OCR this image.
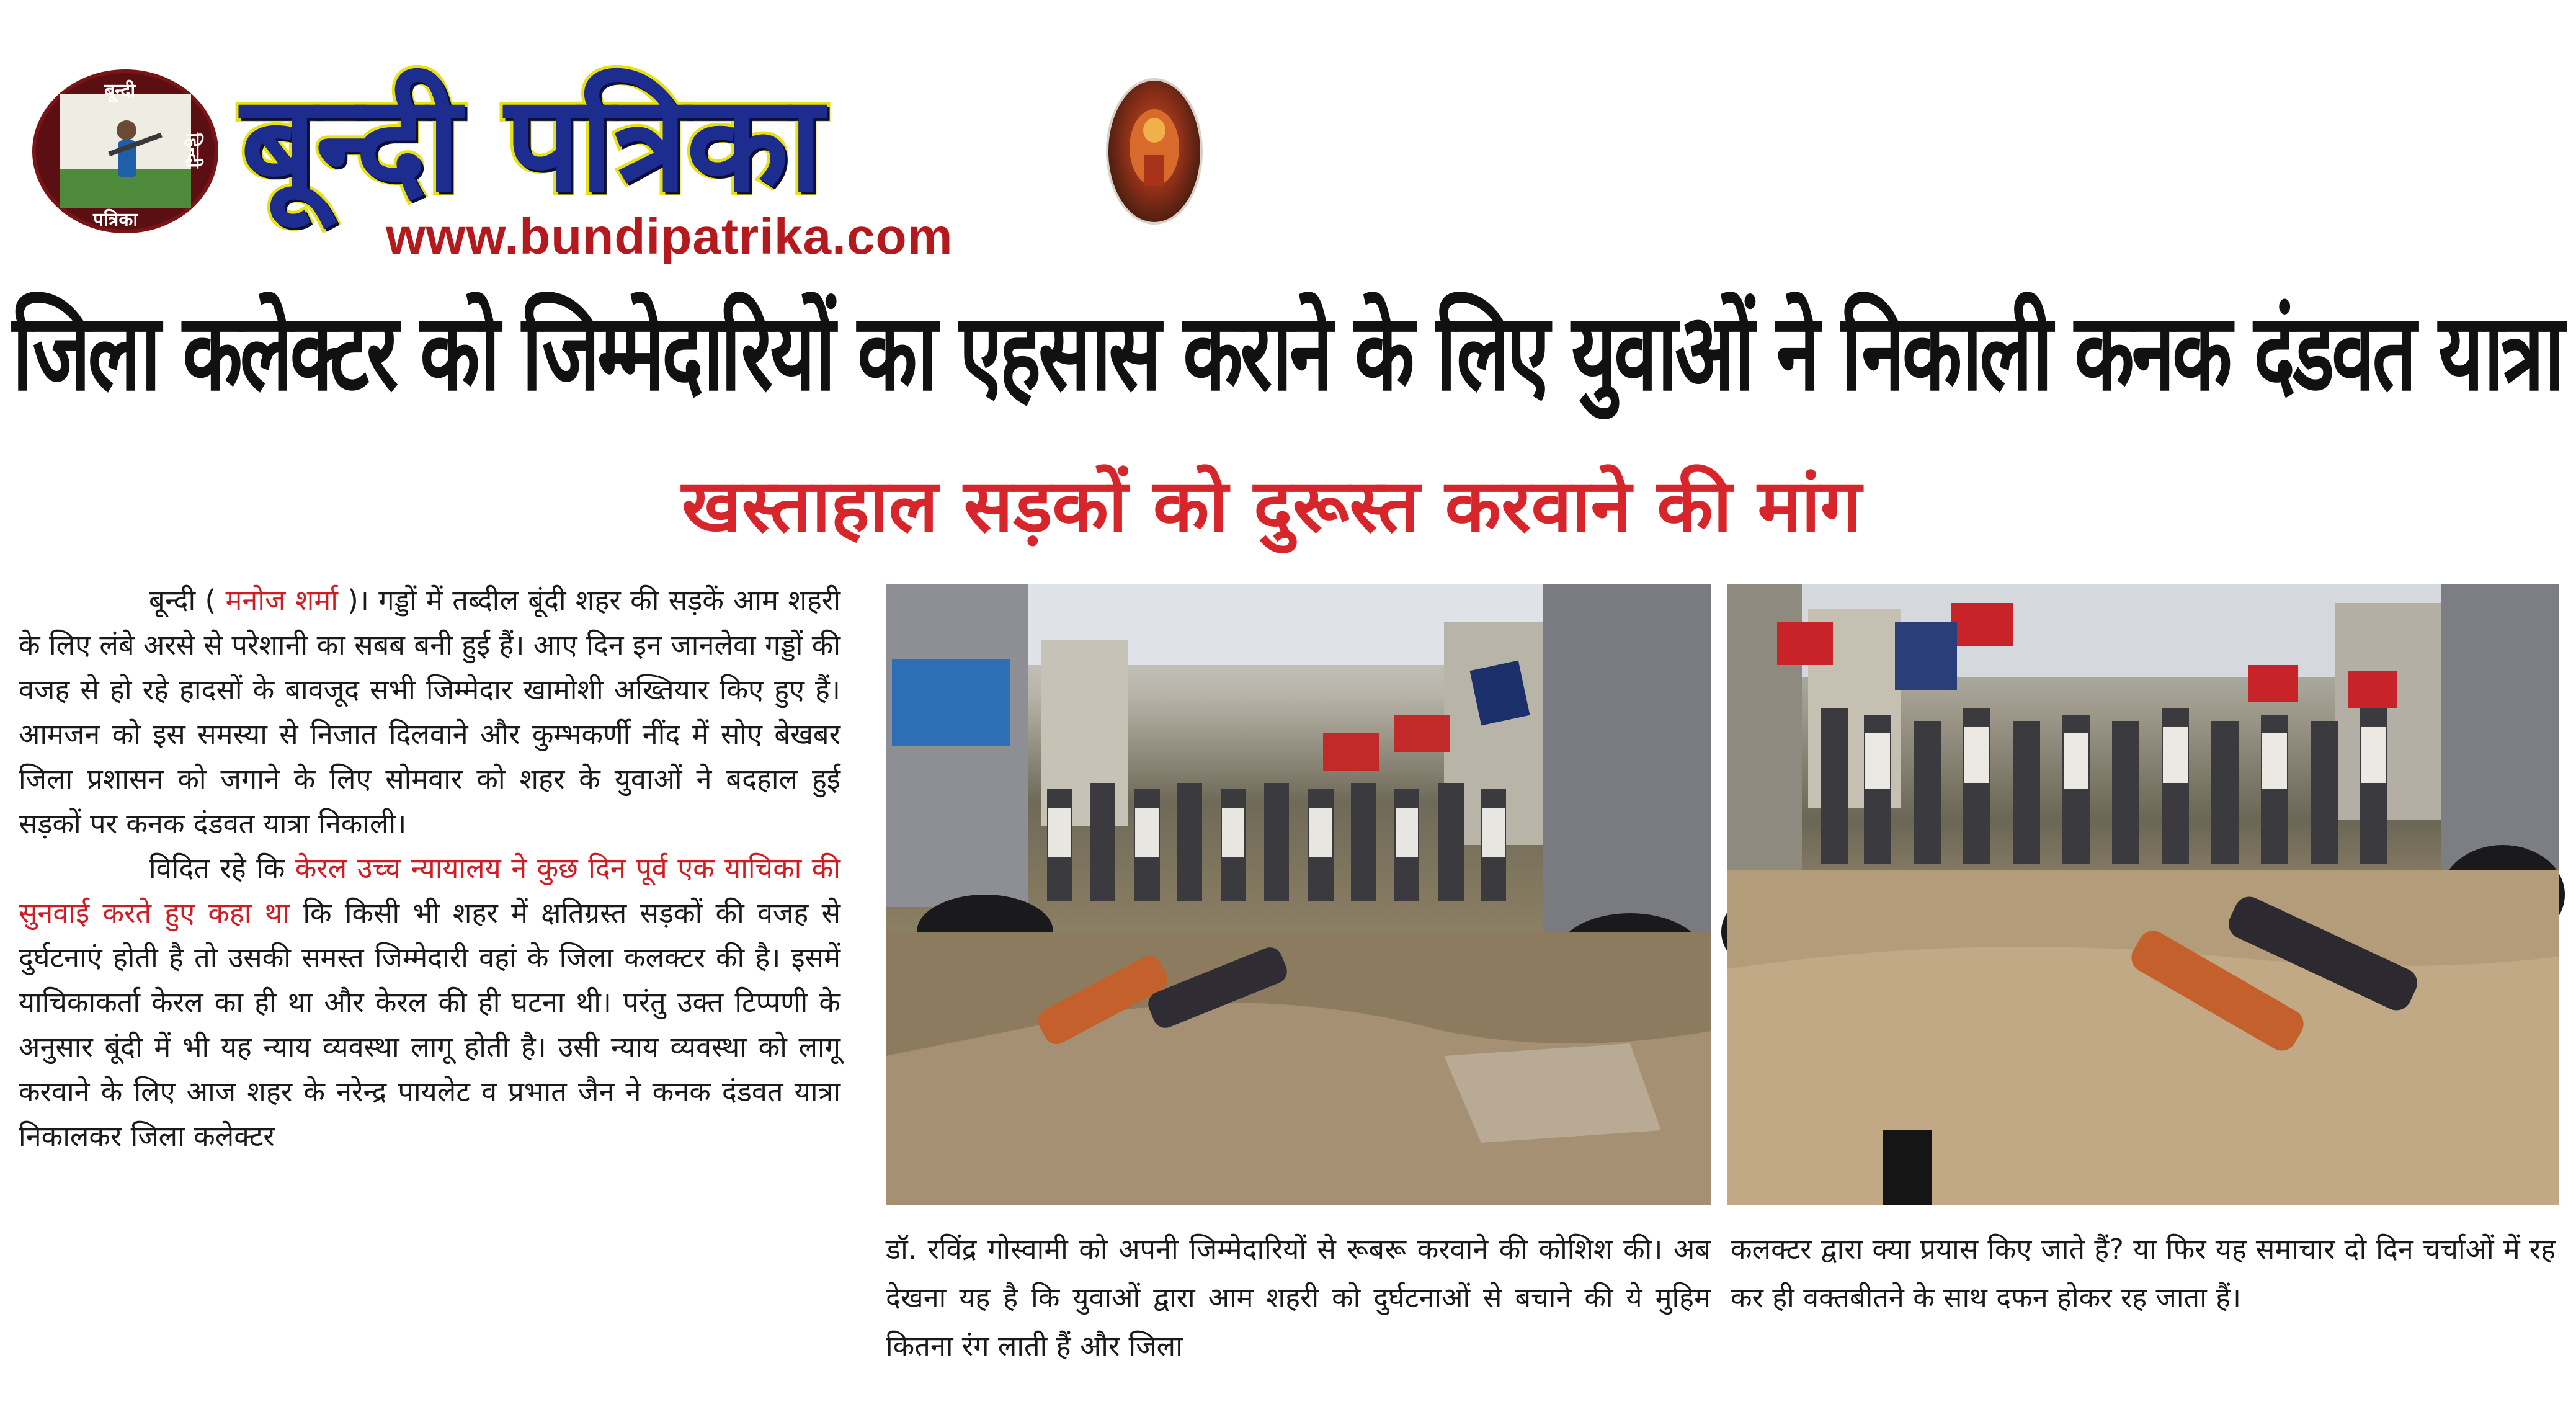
बून्दी
हिन्दी
पत्रिका बून्दी पत्रिका
www.bundipatrika.com
जिला कलेक्टर को जिम्मेदारियों का एहसास कराने के लिए युवाओं ने निकाली कनक दंडवत यात्रा
खस्ताहाल सड़कों को दुरूस्त करवाने की मांग

बून्दी ( मनोज शर्मा )। गड्डों में तब्दील बूंदी शहर की सड़कें आम शहरी के लिए लंबे अरसे से परेशानी का सबब बनी हुई हैं। आए दिन इन जानलेवा गड्डों की वजह से हो रहे हादसों के बावजूद सभी जिम्मेदार खामोशी अख्तियार किए हुए हैं। आमजन को इस समस्या से निजात दिलवाने और कुम्भकर्णी नींद में सोए बेखबर जिला प्रशासन को जगाने के लिए सोमवार को शहर के युवाओं ने बदहाल हुई सड़कों पर कनक दंडवत यात्रा निकाली।

विदित रहे कि केरल उच्च न्यायालय ने कुछ दिन पूर्व एक याचिका की सुनवाई करते हुए कहा था कि किसी भी शहर में क्षतिग्रस्त सड़कों की वजह से दुर्घटनाएं होती है तो उसकी समस्त जिम्मेदारी वहां के जिला कलक्टर की है। इसमें याचिकाकर्ता केरल का ही था और केरल की ही घटना थी। परंतु उक्त टिप्पणी के अनुसार बूंदी में भी यह न्याय व्यवस्था लागू होती है। उसी न्याय व्यवस्था को लागू करवाने के लिए आज शहर के नरेन्द्र पायलेट व प्रभात जैन ने कनक दंडवत यात्रा निकालकर जिला कलेक्टर

डॉ. रविंद्र गोस्वामी को अपनी जिम्मेदारियों से रूबरू करवाने की कोशिश की। अब देखना यह है कि युवाओं द्वारा आम शहरी को दुर्घटनाओं से बचाने की ये मुहिम कितना रंग लाती हैं और जिला
कलक्टर द्वारा क्या प्रयास किए जाते हैं? या फिर यह समाचार दो दिन चर्चाओं में रह कर ही वक्तबीतने के साथ दफन होकर रह जाता हैं।
